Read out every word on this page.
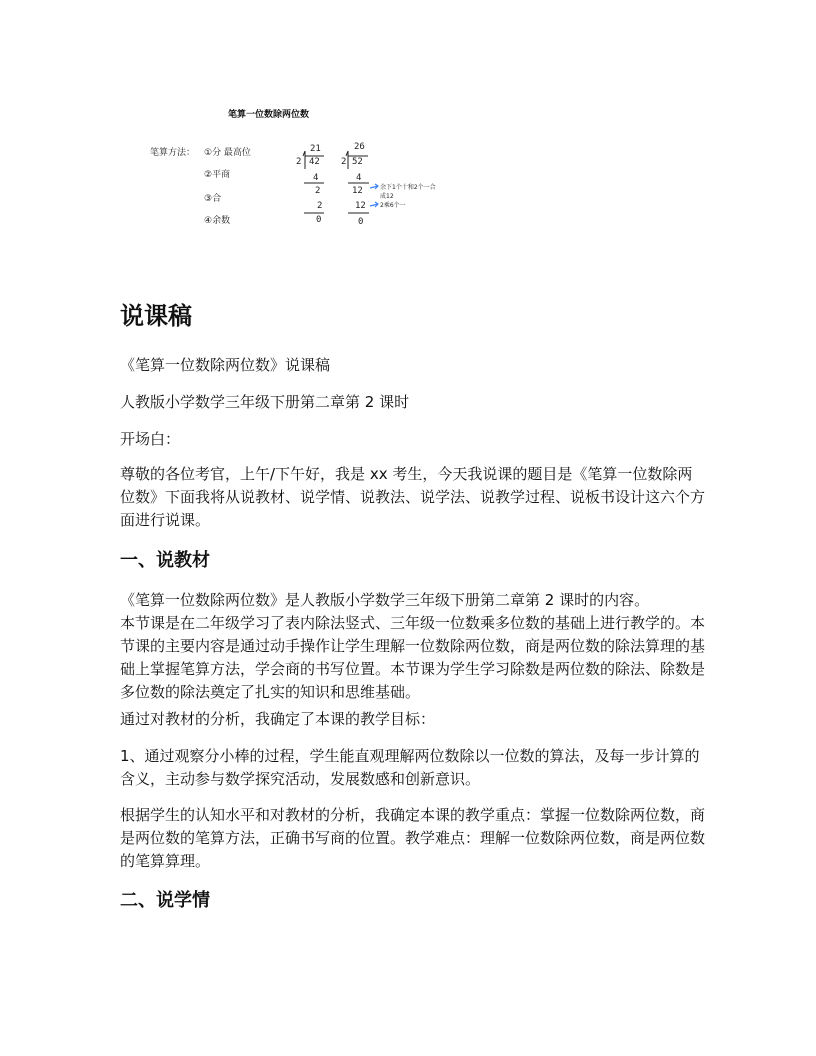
笔算一位数除两位数
笔算方法： ①分 最高位
②平商
③合
④余数
21
2 42
4
2
2
0
26
2 52
4
12
12
0
余下1个十和2个一合成12
2乘6个一
说课稿

《笔算一位数除两位数》说课稿

人教版小学数学三年级下册第二章第 2 课时

开场白：

尊敬的各位考官，上午/下午好，我是 xx 考生，今天我说课的题目是《笔算一位数除两位数》下面我将从说教材、说学情、说教法、说学法、说教学过程、说板书设计这六个方面进行说课。

一、说教材

《笔算一位数除两位数》是人教版小学数学三年级下册第二章第 2 课时的内容。

本节课是在二年级学习了表内除法竖式、三年级一位数乘多位数的基础上进行教学的。本节课的主要内容是通过动手操作让学生理解一位数除两位数，商是两位数的除法算理的基础上掌握笔算方法，学会商的书写位置。本节课为学生学习除数是两位数的除法、除数是多位数的除法奠定了扎实的知识和思维基础。

通过对教材的分析，我确定了本课的教学目标：

1、通过观察分小棒的过程，学生能直观理解两位数除以一位数的算法，及每一步计算的含义，主动参与数学探究活动，发展数感和创新意识。

根据学生的认知水平和对教材的分析，我确定本课的教学重点：掌握一位数除两位数，商是两位数的笔算方法，正确书写商的位置。教学难点：理解一位数除两位数，商是两位数的笔算算理。

二、说学情
